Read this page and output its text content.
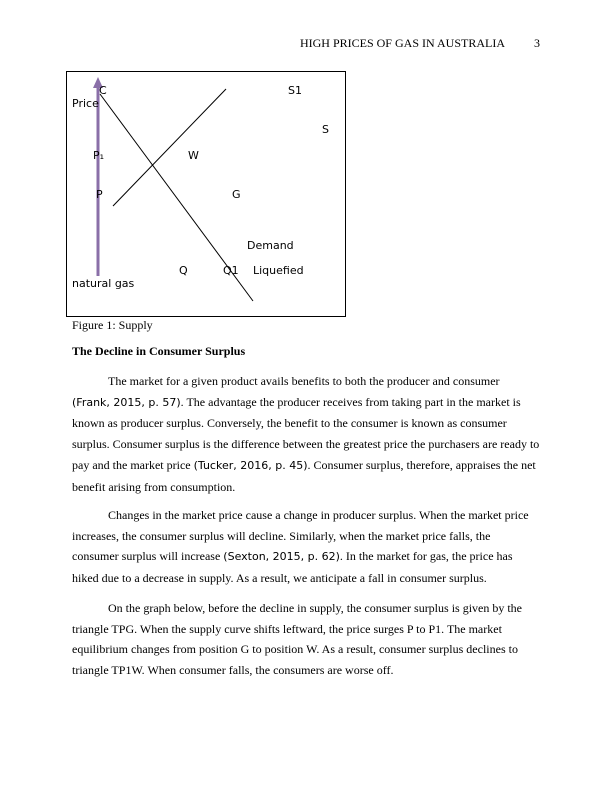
HIGH PRICES OF GAS IN AUSTRALIA 3
C
Price
S1
S
P₁	W
P	G
Demand
Q	Q1 Liquefied
natural gas
Figure 1: Supply
The Decline in Consumer Surplus

The market for a given product avails benefits to both the producer and consumer (Frank, 2015, p. 57). The advantage the producer receives from taking part in the market is known as producer surplus. Conversely, the benefit to the consumer is known as consumer surplus. Consumer surplus is the difference between the greatest price the purchasers are ready to pay and the market price (Tucker, 2016, p. 45). Consumer surplus, therefore, appraises the net benefit arising from consumption.

Changes in the market price cause a change in producer surplus. When the market price increases, the consumer surplus will decline. Similarly, when the market price falls, the consumer surplus will increase (Sexton, 2015, p. 62). In the market for gas, the price has hiked due to a decrease in supply. As a result, we anticipate a fall in consumer surplus.

On the graph below, before the decline in supply, the consumer surplus is given by the triangle TPG. When the supply curve shifts leftward, the price surges P to P1. The market equilibrium changes from position G to position W. As a result, consumer surplus declines to triangle TP1W. When consumer falls, the consumers are worse off.
